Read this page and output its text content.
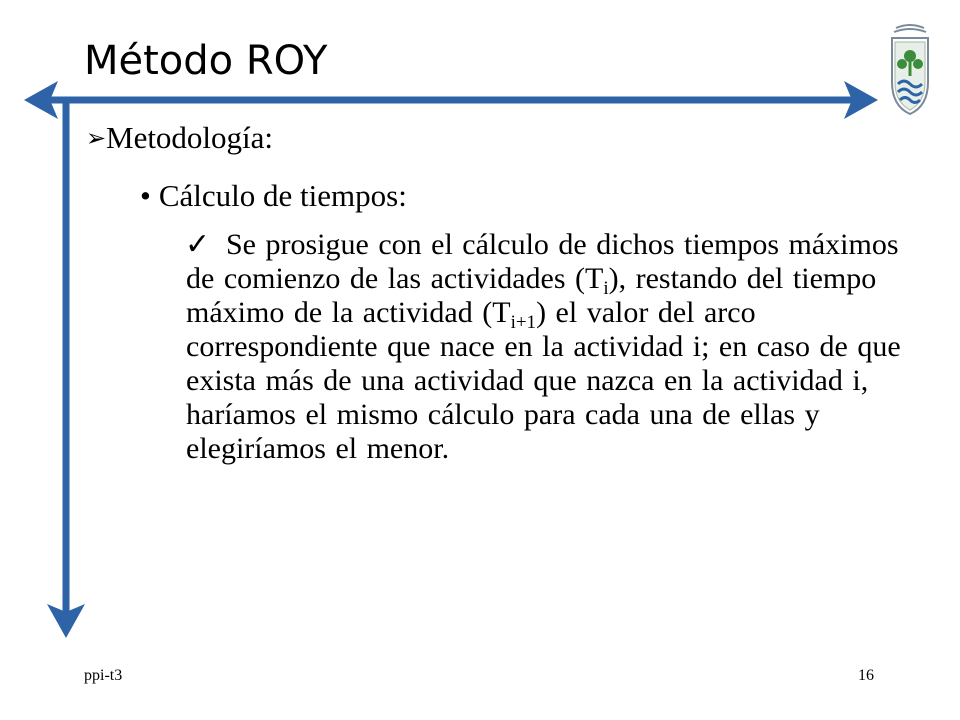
Método ROY
➢Metodología:
• Cálculo de tiempos:
✓ Se prosigue con el cálculo de dichos tiempos máximos de comienzo de las actividades $(T_i)$, restando del tiempo máximo de la actividad $(T_{i+1})$ el valor del arco correspondiente que nace en la actividad i; en caso de que exista más de una actividad que nazca en la actividad i, haríamos el mismo cálculo para cada una de ellas y elegiríamos el menor.
ppi-t3	16
